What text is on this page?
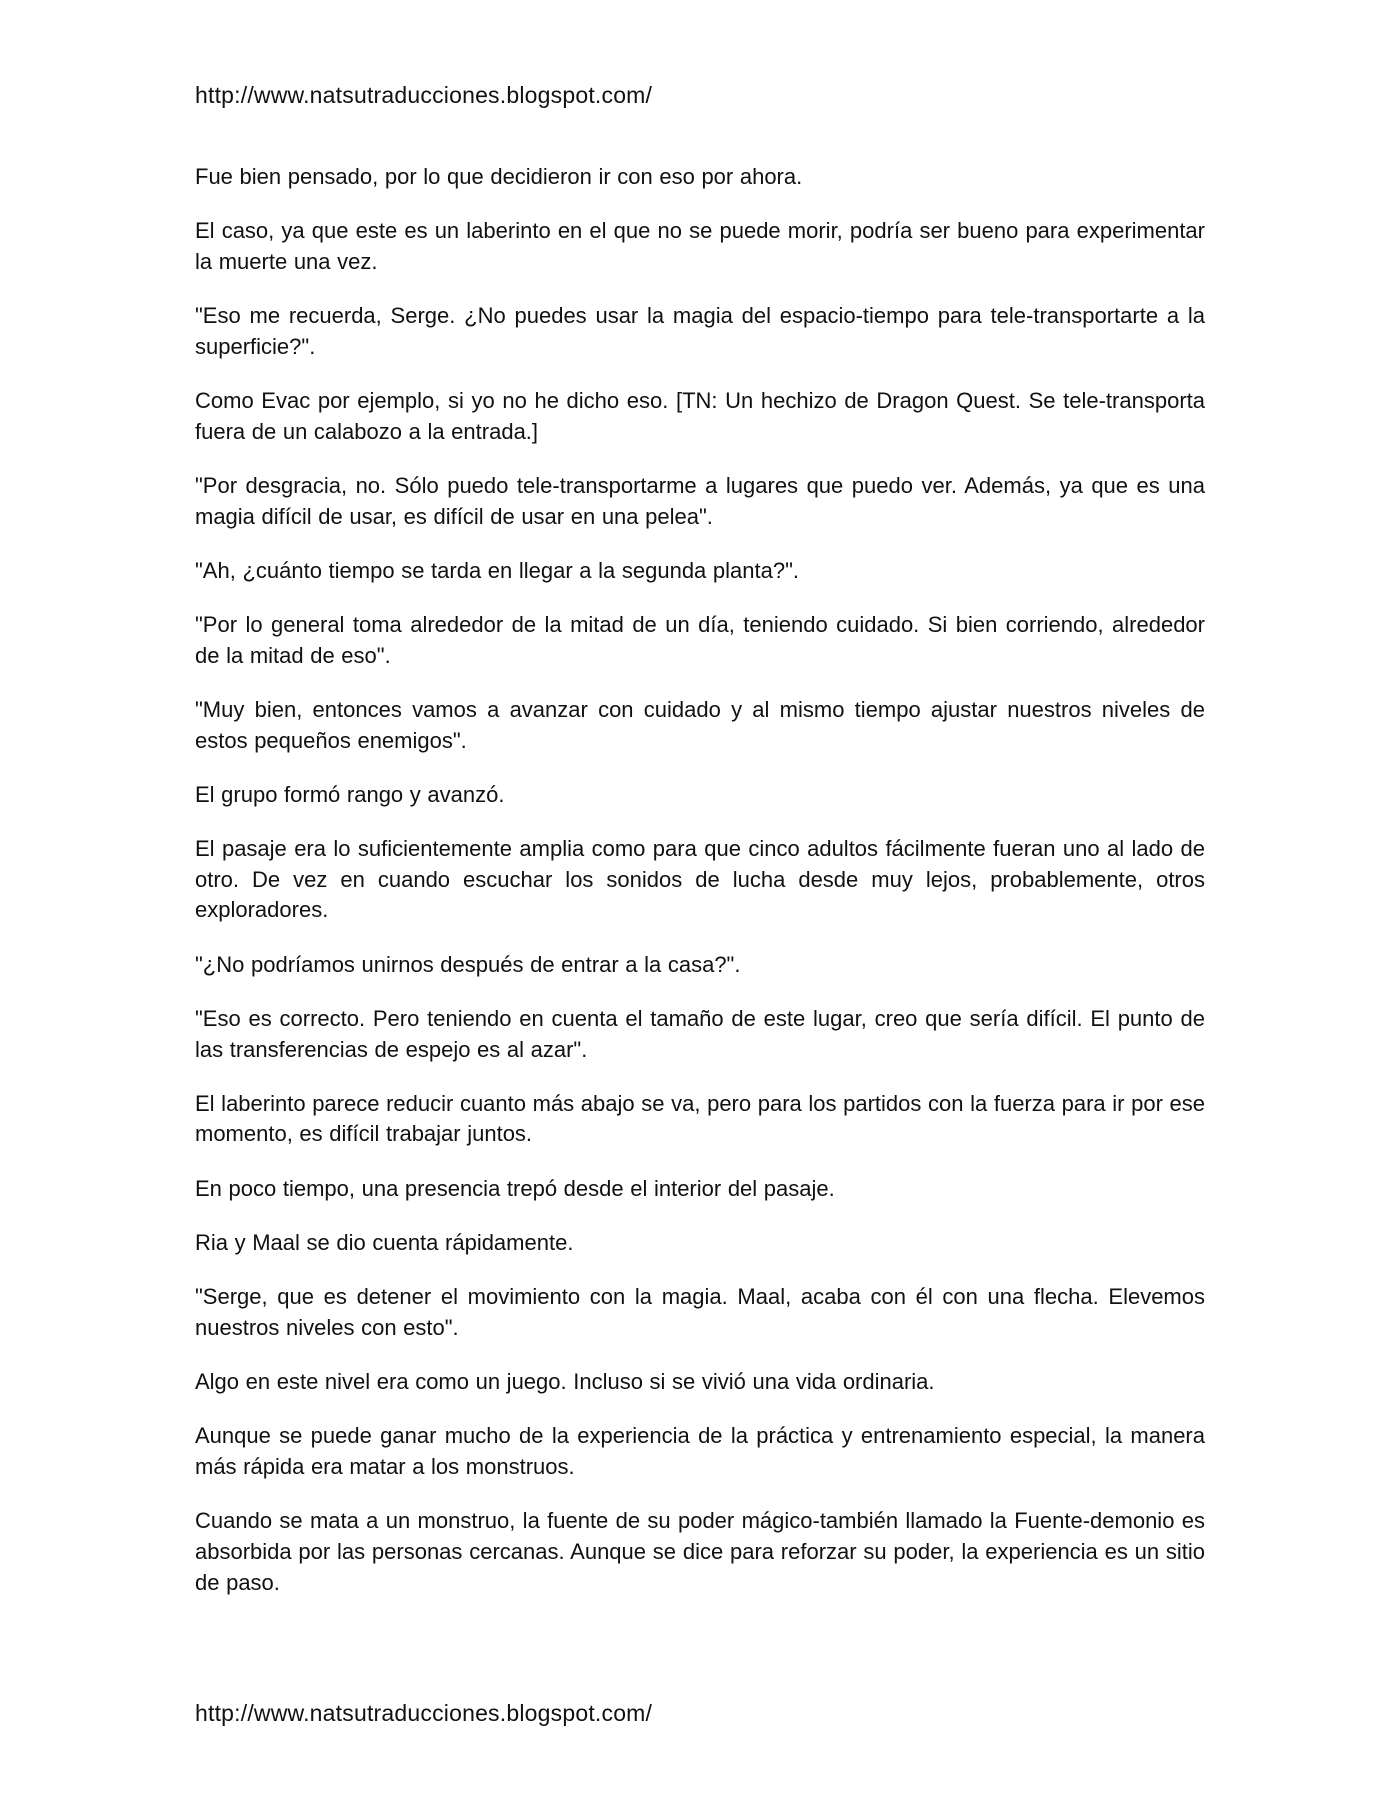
http://www.natsutraducciones.blogspot.com/

Fue bien pensado, por lo que decidieron ir con eso por ahora.

El caso, ya que este es un laberinto en el que no se puede morir, podría ser bueno para experimentar la muerte una vez.

"Eso me recuerda, Serge. ¿No puedes usar la magia del espacio-tiempo para tele-transportarte a la superficie?".

Como Evac por ejemplo, si yo no he dicho eso. [TN: Un hechizo de Dragon Quest. Se tele-transporta fuera de un calabozo a la entrada.]

"Por desgracia, no. Sólo puedo tele-transportarme a lugares que puedo ver. Además, ya que es una magia difícil de usar, es difícil de usar en una pelea".

"Ah, ¿cuánto tiempo se tarda en llegar a la segunda planta?".

"Por lo general toma alrededor de la mitad de un día, teniendo cuidado. Si bien corriendo, alrededor de la mitad de eso".

"Muy bien, entonces vamos a avanzar con cuidado y al mismo tiempo ajustar nuestros niveles de estos pequeños enemigos".

El grupo formó rango y avanzó.

El pasaje era lo suficientemente amplia como para que cinco adultos fácilmente fueran uno al lado de otro. De vez en cuando escuchar los sonidos de lucha desde muy lejos, probablemente, otros exploradores.

"¿No podríamos unirnos después de entrar a la casa?".

"Eso es correcto. Pero teniendo en cuenta el tamaño de este lugar, creo que sería difícil. El punto de las transferencias de espejo es al azar".

El laberinto parece reducir cuanto más abajo se va, pero para los partidos con la fuerza para ir por ese momento, es difícil trabajar juntos.

En poco tiempo, una presencia trepó desde el interior del pasaje.

Ria y Maal se dio cuenta rápidamente.

"Serge, que es detener el movimiento con la magia. Maal, acaba con él con una flecha. Elevemos nuestros niveles con esto".

Algo en este nivel era como un juego. Incluso si se vivió una vida ordinaria.

Aunque se puede ganar mucho de la experiencia de la práctica y entrenamiento especial, la manera más rápida era matar a los monstruos.

Cuando se mata a un monstruo, la fuente de su poder mágico-también llamado la Fuente-demonio es absorbida por las personas cercanas. Aunque se dice para reforzar su poder, la experiencia es un sitio de paso.

http://www.natsutraducciones.blogspot.com/
